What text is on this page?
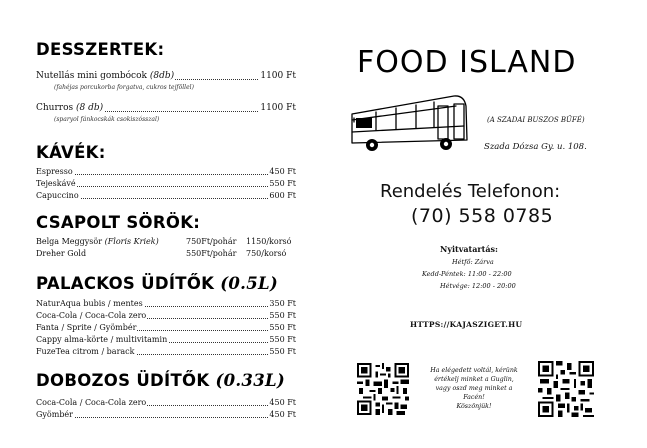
DESSZERTEK:
Nutellás mini gombócok (8db)	1100 Ft
(fahéjas porcukorba forgatva, cukros tejföllel)
Churros (8 db)	1100 Ft
(sparyol fánkocskák csokiszósszal)
KÁVÉK:
Espresso	450 Ft
Tejeskávé	550 Ft
Capuccino	600 Ft
CSAPOLT SÖRÖK:
Belga Meggysör (Floris Kriek)	750Ft/pohár 1150/korsó
Dreher Gold	550Ft/pohár 750/korsó
PALACKOS ÜDÍTŐK (0.5L)
NaturAqua bubis / mentes	350 Ft
Coca-Cola / Coca-Cola zero	550 Ft
Fanta / Sprite / Gyömbér	550 Ft
Cappy alma-körte / multivitamin	550 Ft
FuzeTea citrom / barack	550 Ft
DOBOZOS ÜDÍTŐK (0.33L)
Coca-Cola / Coca-Cola zero	450 Ft
Gyömbér	450 Ft
FOOD ISLAND
(A SZADAI BUSZOS BÜFÉ)
Szada Dózsa Gy. u. 108.
Rendelés Telefonon:
(70) 558 0785
Nyitvatartás:
Hétfő: Zárva
Kedd-Péntek: 11:00 - 22:00
Hétvége: 12:00 - 20:00
HTTPS://KAJASZIGET.HU
Ha elégedett voltál, kérünk
értékelj minket a Guglin,
vagy oszd meg minket a
Facén!
Köszönjük!
